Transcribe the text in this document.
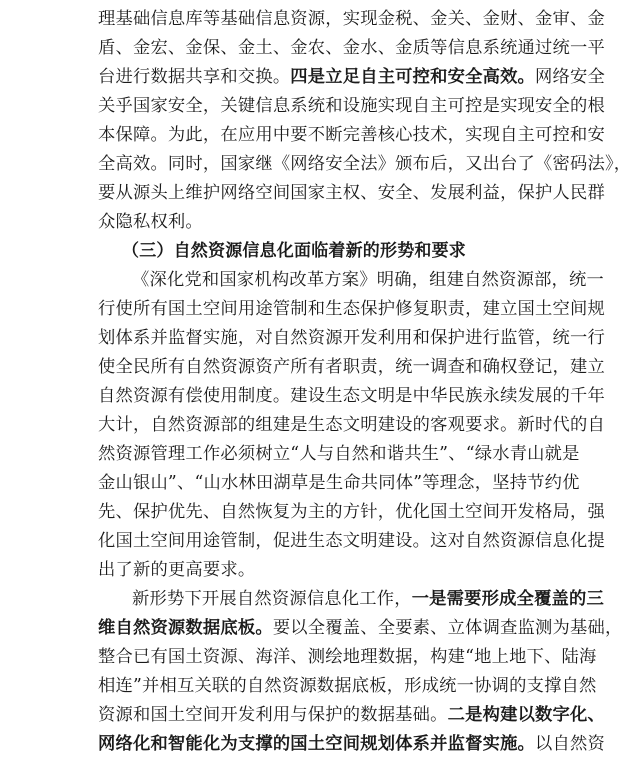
理基础信息库等基础信息资源，实现金税、金关、金财、金审、金
盾、金宏、金保、金土、金农、金水、金质等信息系统通过统一平
台进行数据共享和交换。四是立足自主可控和安全高效。网络安全
关乎国家安全，关键信息系统和设施实现自主可控是实现安全的根
本保障。为此，在应用中要不断完善核心技术，实现自主可控和安
全高效。同时，国家继《网络安全法》颁布后，又出台了《密码法》，
要从源头上维护网络空间国家主权、安全、发展利益，保护人民群
众隐私权利。
（三）自然资源信息化面临着新的形势和要求
《深化党和国家机构改革方案》明确，组建自然资源部，统一
行使所有国土空间用途管制和生态保护修复职责，建立国土空间规
划体系并监督实施，对自然资源开发利用和保护进行监管，统一行
使全民所有自然资源资产所有者职责，统一调查和确权登记，建立
自然资源有偿使用制度。建设生态文明是中华民族永续发展的千年
大计，自然资源部的组建是生态文明建设的客观要求。新时代的自
然资源管理工作必须树立“人与自然和谐共生”、“绿水青山就是
金山银山”、“山水林田湖草是生命共同体”等理念，坚持节约优
先、保护优先、自然恢复为主的方针，优化国土空间开发格局，强
化国土空间用途管制，促进生态文明建设。这对自然资源信息化提
出了新的更高要求。
新形势下开展自然资源信息化工作，一是需要形成全覆盖的三
维自然资源数据底板。要以全覆盖、全要素、立体调查监测为基础，
整合已有国土资源、海洋、测绘地理数据，构建“地上地下、陆海
相连”并相互关联的自然资源数据底板，形成统一协调的支撑自然
资源和国土空间开发利用与保护的数据基础。二是构建以数字化、
网络化和智能化为支撑的国土空间规划体系并监督实施。以自然资
